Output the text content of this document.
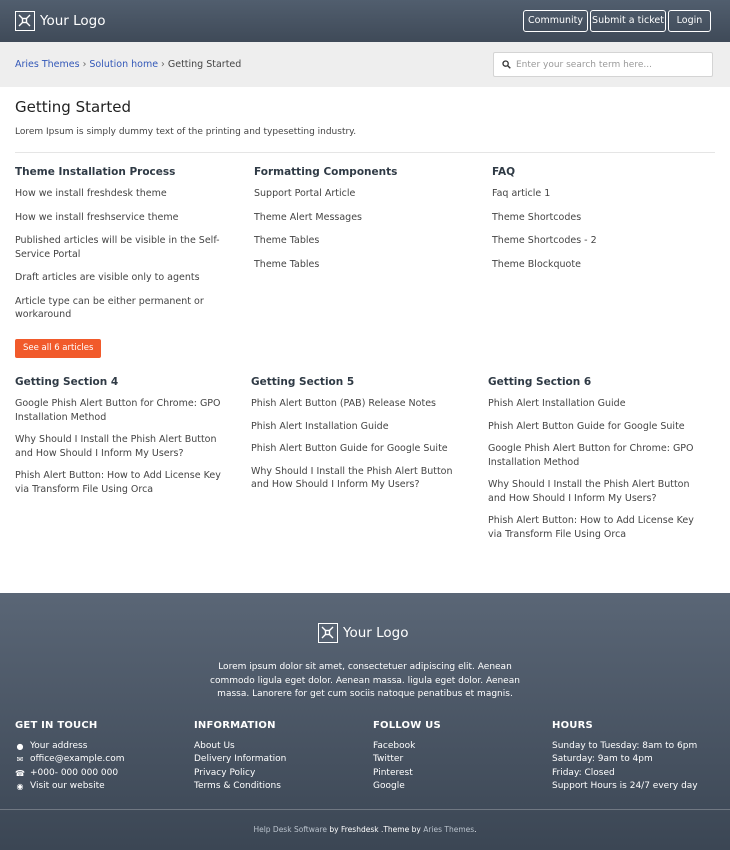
Your Logo	Community Submit a ticket	Login
Aries Themes › Solution home › Getting Started
Enter your search term here...
Getting Started

Lorem Ipsum is simply dummy text of the printing and typesetting industry.

Theme Installation Process
How we install freshdesk theme
How we install freshservice theme
Published articles will be visible in the Self-Service Portal
Draft articles are visible only to agents
Article type can be either permanent or workaround
Formatting Components
Support Portal Article
Theme Alert Messages
Theme Tables
Theme Tables
FAQ
Faq article 1
Theme Shortcodes
Theme Shortcodes - 2
Theme Blockquote
See all 6 articles
Getting Section 4
Google Phish Alert Button for Chrome: GPO Installation Method
Why Should I Install the Phish Alert Button and How Should I Inform My Users?
Phish Alert Button: How to Add License Key via Transform File Using Orca
Getting Section 5
Phish Alert Button (PAB) Release Notes
Phish Alert Installation Guide
Phish Alert Button Guide for Google Suite
Why Should I Install the Phish Alert Button and How Should I Inform My Users?
Getting Section 6
Phish Alert Installation Guide
Phish Alert Button Guide for Google Suite
Google Phish Alert Button for Chrome: GPO Installation Method
Why Should I Install the Phish Alert Button and How Should I Inform My Users?
Phish Alert Button: How to Add License Key via Transform File Using Orca
Your Logo

Lorem ipsum dolor sit amet, consectetuer adipiscing elit. Aenean commodo ligula eget dolor. Aenean massa. ligula eget dolor. Aenean massa. Lanorere for get cum sociis natoque penatibus et magnis.

GET IN TOUCH
● Your address
✉ office@example.com
☎ +000- 000 000 000
◉ Visit our website
INFORMATION
About Us
Delivery Information
Privacy Policy
Terms & Conditions
FOLLOW US
Facebook
Twitter
Pinterest
Google
HOURS
Sunday to Tuesday: 8am to 6pm
Saturday: 9am to 4pm
Friday: Closed
Support Hours is 24/7 every day
Help Desk Software by Freshdesk .Theme by Aries Themes.
